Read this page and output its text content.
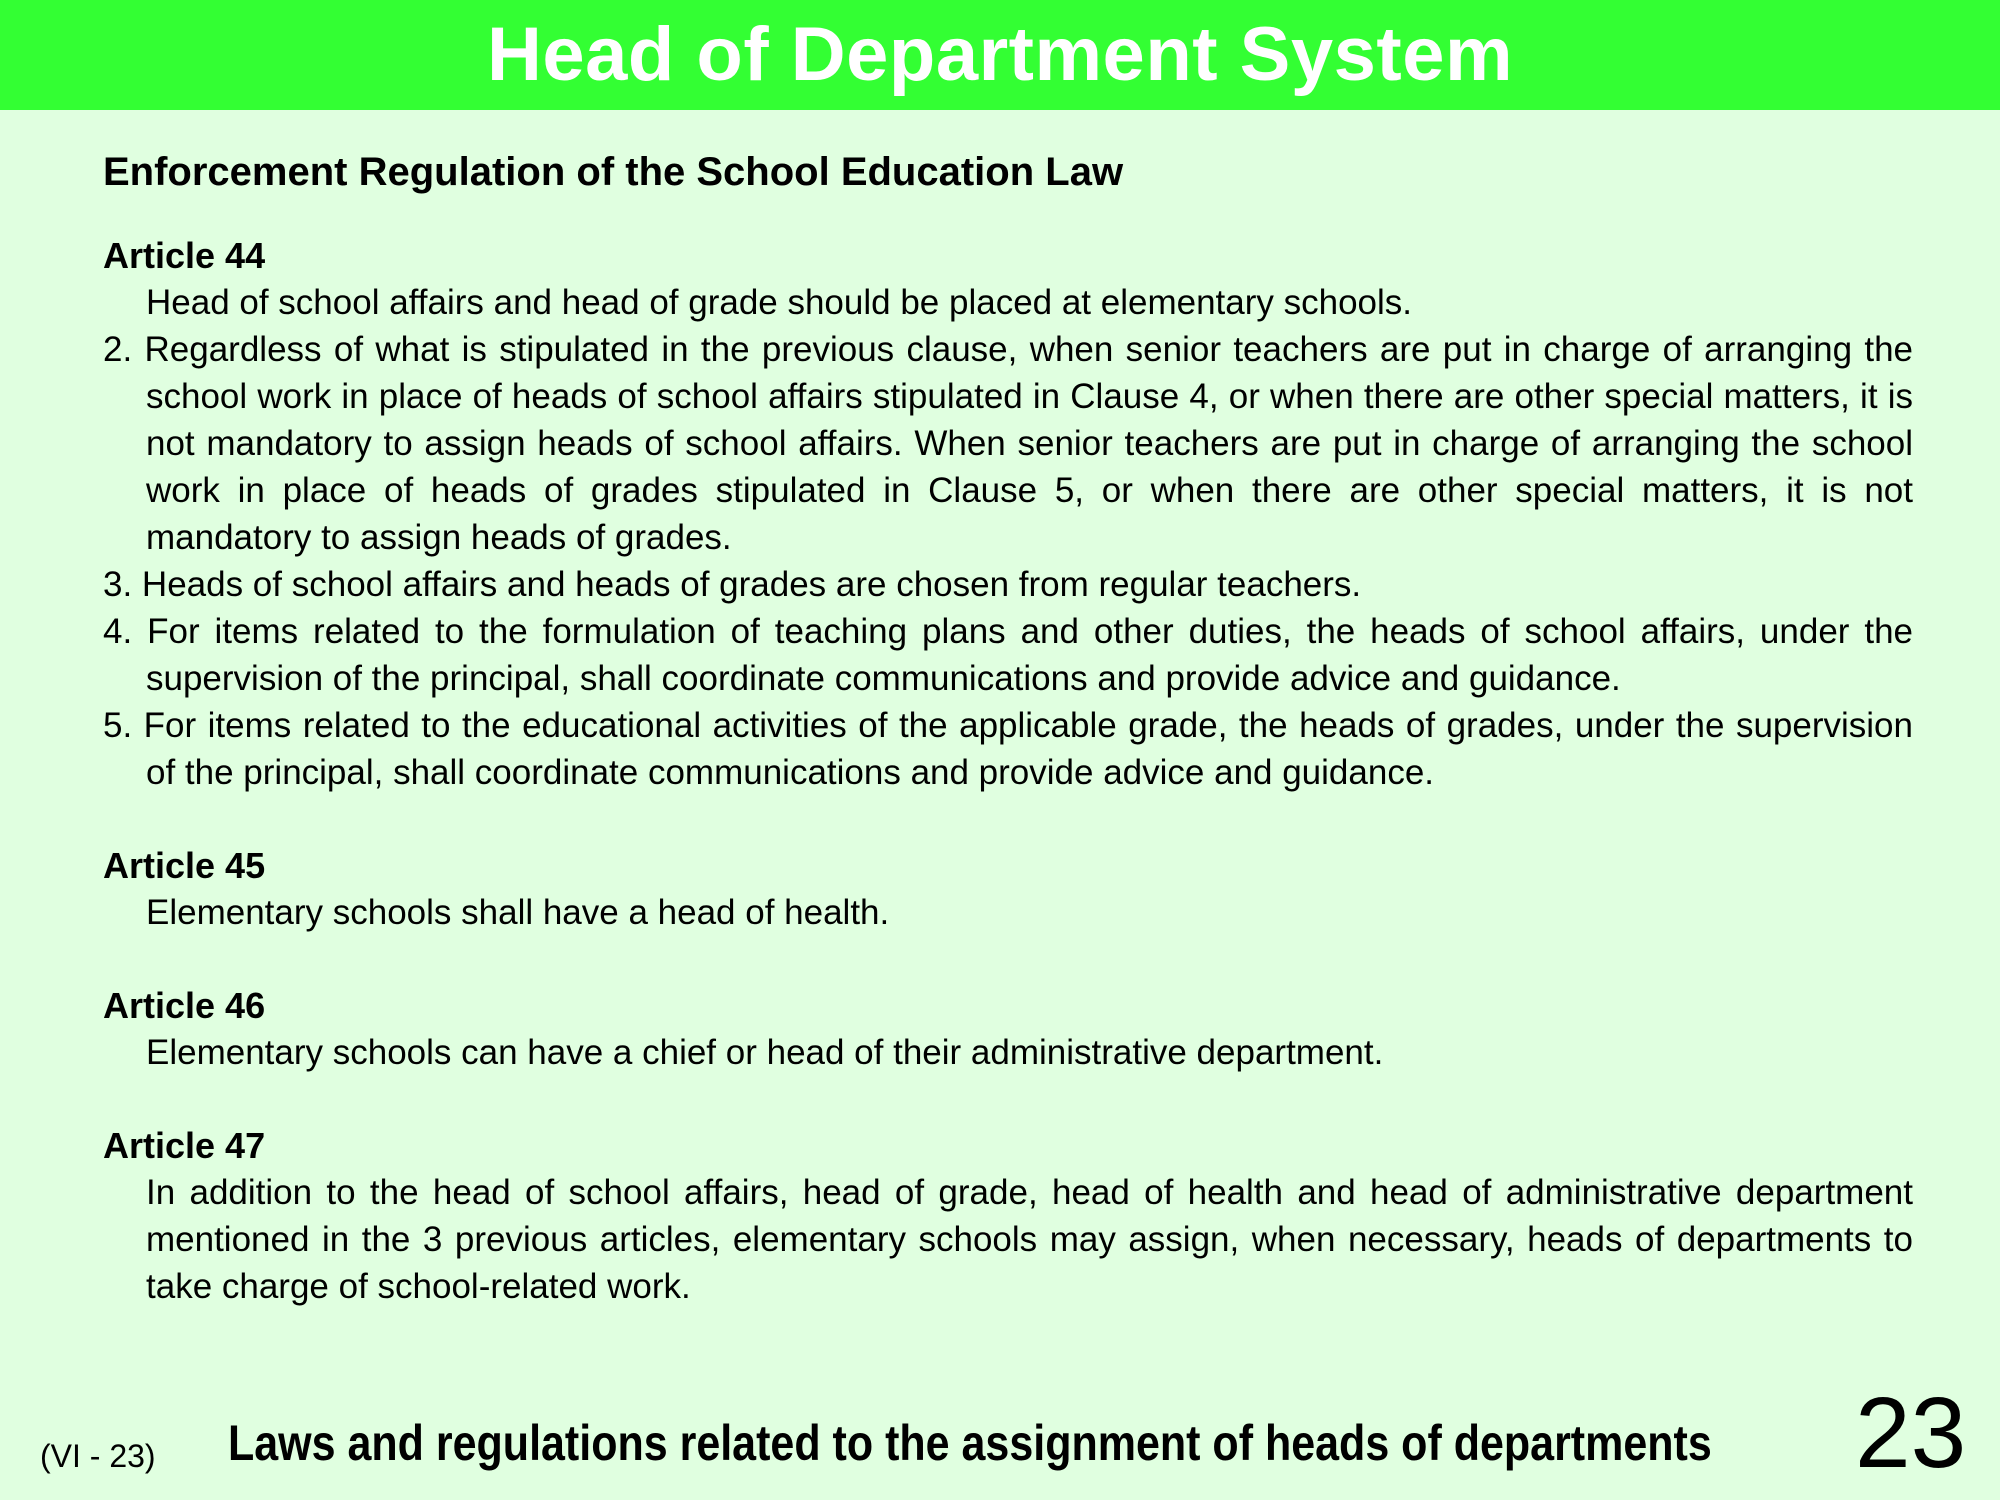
Head of Department System
Enforcement Regulation of the School Education Law
Article 44

Head of school affairs and head of grade should be placed at elementary schools.

2. Regardless of what is stipulated in the previous clause, when senior teachers are put in charge of arranging the school work in place of heads of school affairs stipulated in Clause 4, or when there are other special matters, it is not mandatory to assign heads of school affairs. When senior teachers are put in charge of arranging the school work in place of heads of grades stipulated in Clause 5, or when there are other special matters, it is not mandatory to assign heads of grades.

3. Heads of school affairs and heads of grades are chosen from regular teachers.

4. For items related to the formulation of teaching plans and other duties, the heads of school affairs, under the supervision of the principal, shall coordinate communications and provide advice and guidance.

5. For items related to the educational activities of the applicable grade, the heads of grades, under the supervision of the principal, shall coordinate communications and provide advice and guidance.

Article 45

Elementary schools shall have a head of health.

Article 46

Elementary schools can have a chief or head of their administrative department.

Article 47

In addition to the head of school affairs, head of grade, head of health and head of administrative department mentioned in the 3 previous articles, elementary schools may assign, when necessary, heads of departments to take charge of school-related work.

(VI - 23) Laws and regulations related to the assignment of heads of departments 23
